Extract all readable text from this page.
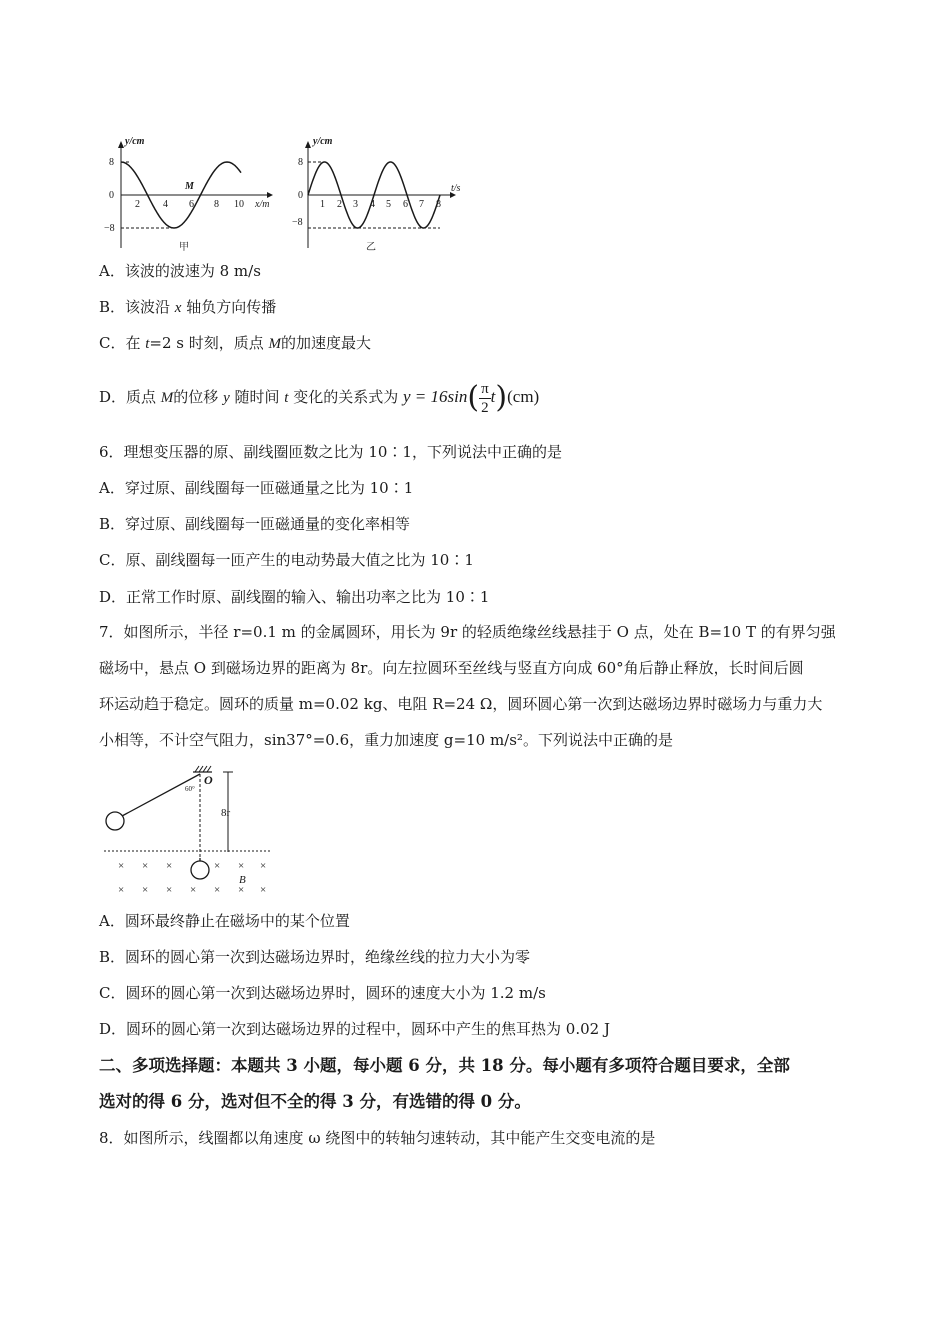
y/cm
x/m
8
0
−8
2 4 6 8 10
M
甲
y/cm
t/s
8
0
−8
1 2 3 4 5 6 7 8
乙
A．该波的波速为 8 m/s
B．该波沿 x 轴负方向传播
C．在 t=2 s 时刻，质点 M的加速度最大
D．质点 M的位移 y 随时间 t 变化的关系式为 $y = 16\sin( \frac{\pi}{2} t)(cm)$
6．理想变压器的原、副线圈匝数之比为 10∶1，下列说法中正确的是
A．穿过原、副线圈每一匝磁通量之比为 10∶1
B．穿过原、副线圈每一匝磁通量的变化率相等
C．原、副线圈每一匝产生的电动势最大值之比为 10∶1
D．正常工作时原、副线圈的输入、输出功率之比为 10∶1
7．如图所示，半径 r=0.1 m 的金属圆环，用长为 9r 的轻质绝缘丝线悬挂于 O 点，处在 B=10 T 的有界匀强
磁场中，悬点 O 到磁场边界的距离为 8r。向左拉圆环至丝线与竖直方向成 60°角后静止释放，长时间后圆
环运动趋于稳定。圆环的质量 m=0.02 kg、电阻 R=24 Ω，圆环圆心第一次到达磁场边界时磁场力与重力大
小相等，不计空气阻力，sin37°=0.6，重力加速度 g=10 m/s²。下列说法中正确的是
O
60°
8r
× × ×	× × ×
× × × × × × ×
B
A．圆环最终静止在磁场中的某个位置
B．圆环的圆心第一次到达磁场边界时，绝缘丝线的拉力大小为零
C．圆环的圆心第一次到达磁场边界时，圆环的速度大小为 1.2 m/s
D．圆环的圆心第一次到达磁场边界的过程中，圆环中产生的焦耳热为 0.02 J
二、多项选择题：本题共 3 小题，每小题 6 分，共 18 分。每小题有多项符合题目要求，全部
选对的得 6 分，选对但不全的得 3 分，有选错的得 0 分。
8．如图所示，线圈都以角速度 ω 绕图中的转轴匀速转动，其中能产生交变电流的是
